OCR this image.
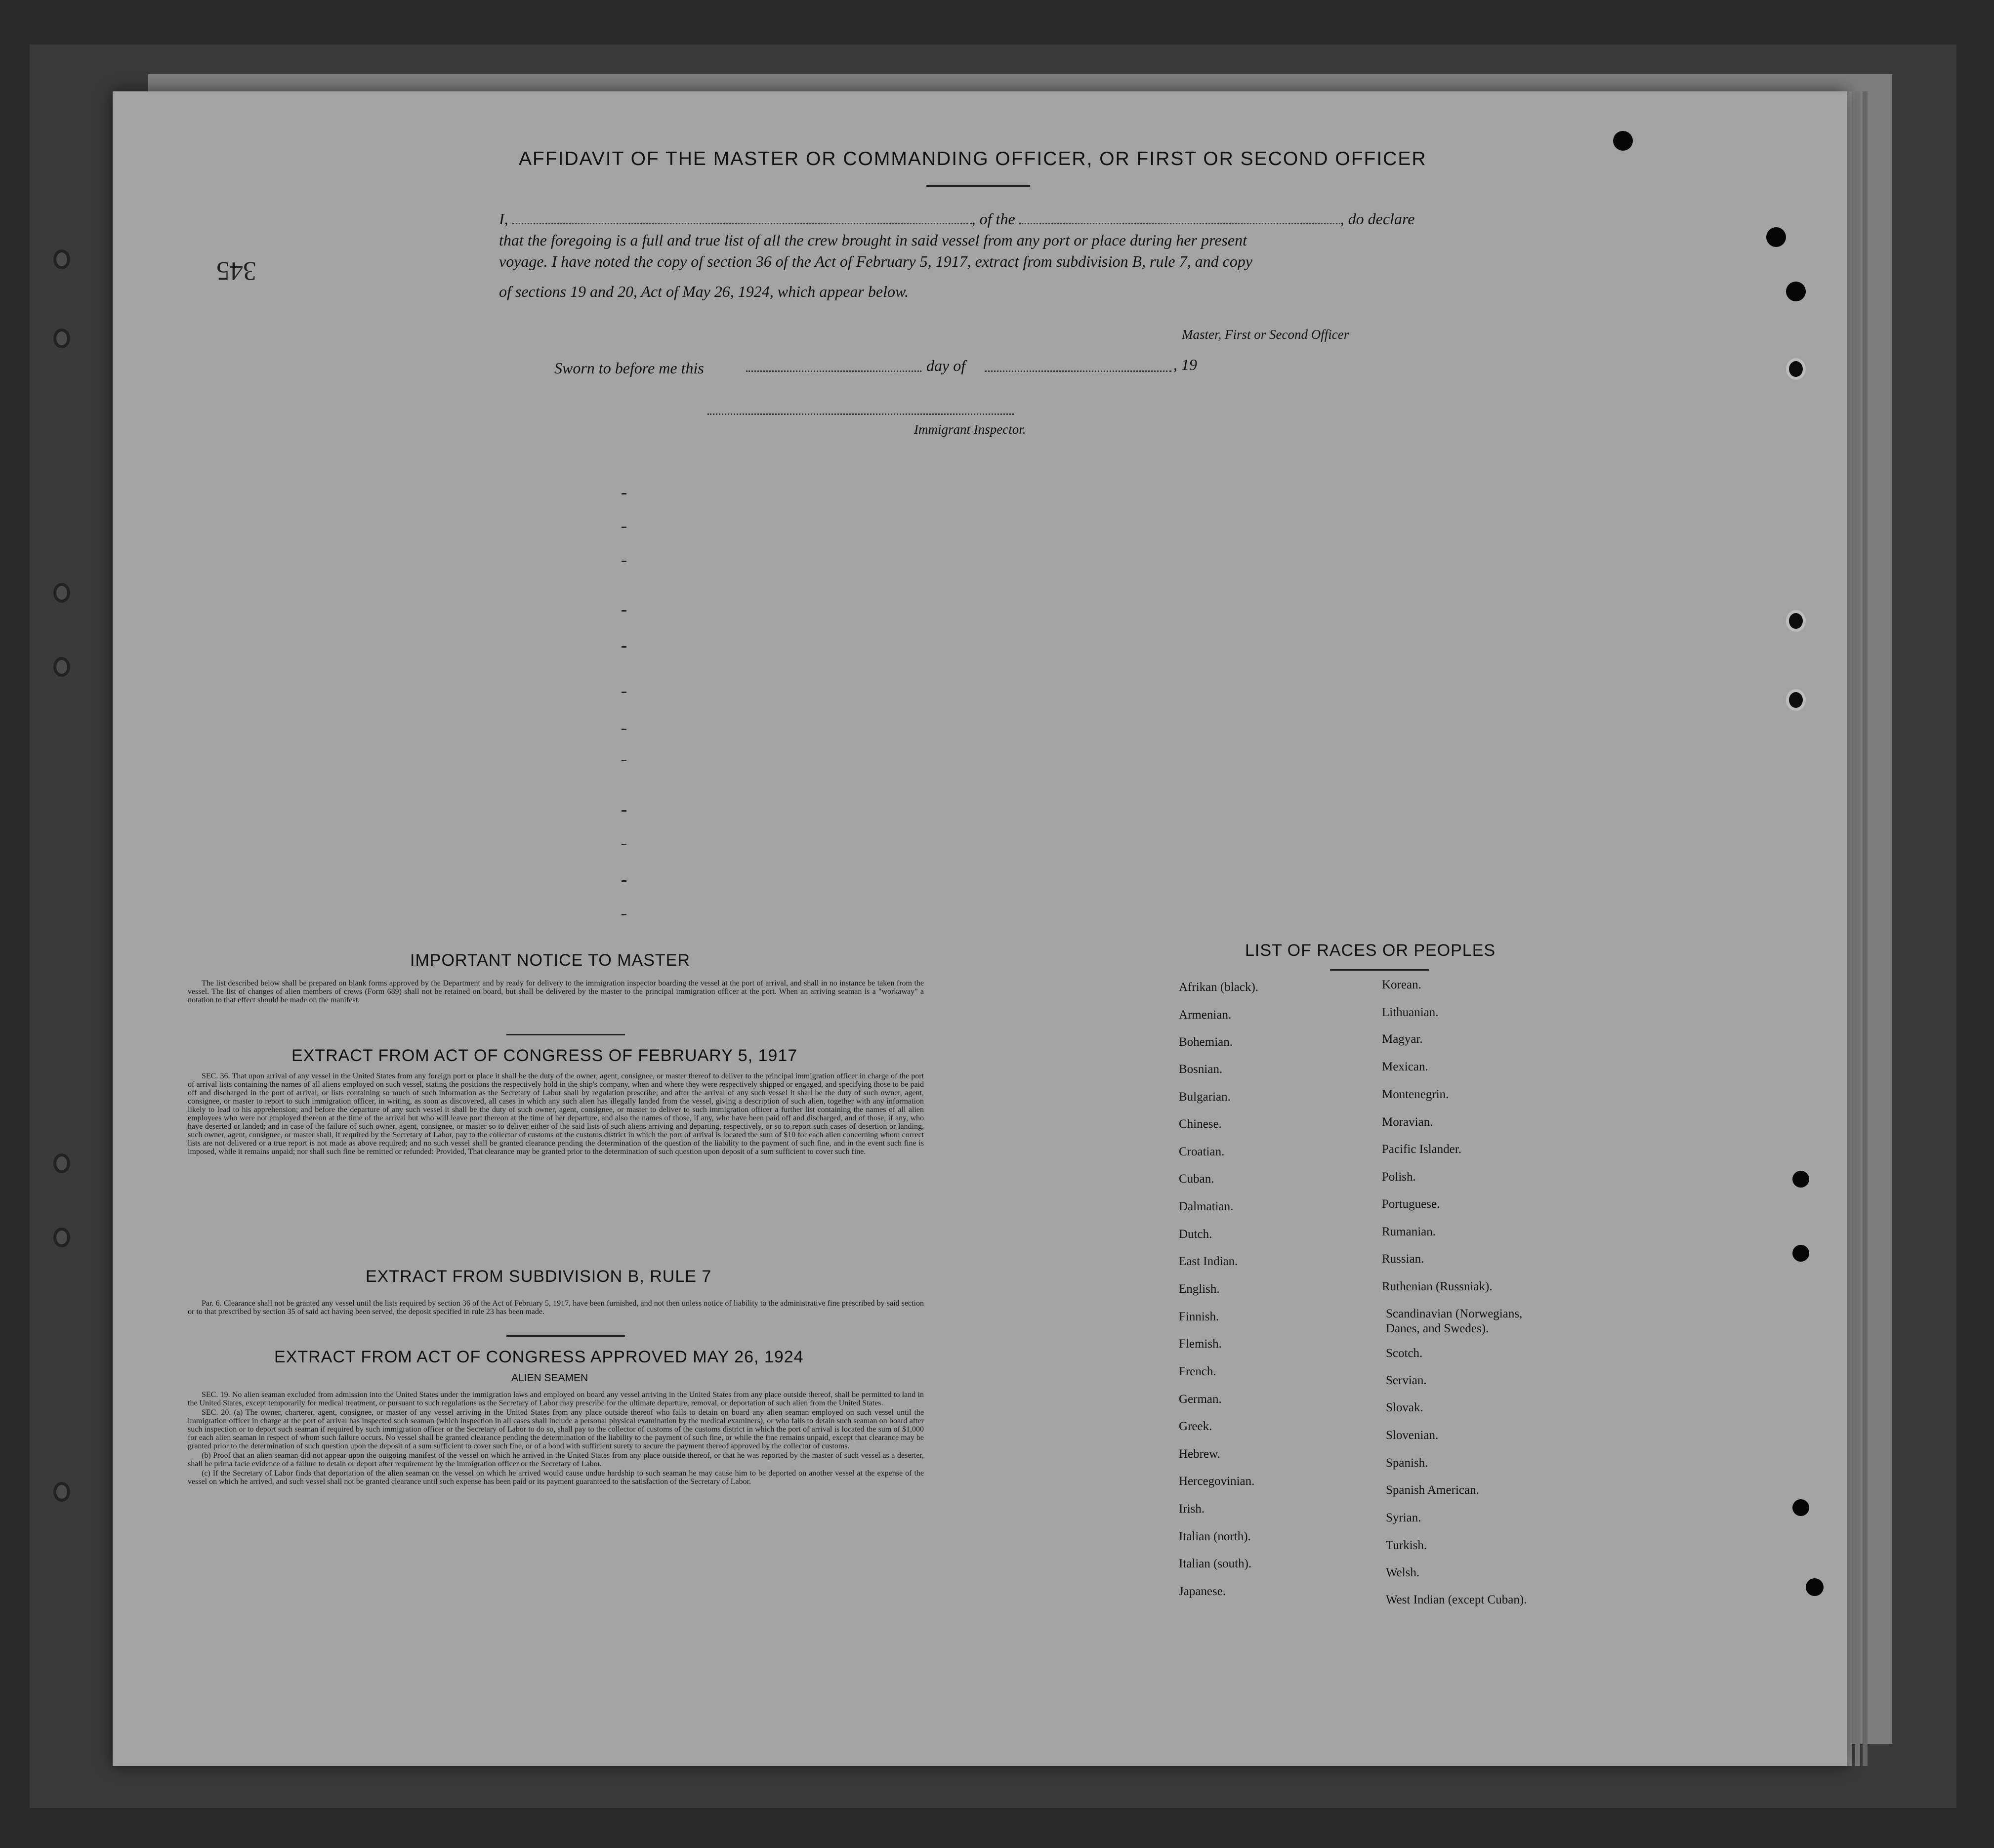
345
AFFIDAVIT OF THE MASTER OR COMMANDING OFFICER, OR FIRST OR SECOND OFFICER
I,	, of the	, do declare
that the foregoing is a full and true list of all the crew brought in said vessel from any port or place during her present
voyage. I have noted the copy of section 36 of the Act of February 5, 1917, extract from subdivision B, rule 7, and copy
of sections 19 and 20, Act of May 26, 1924, which appear below.
Master, First or Second Officer
Sworn to before me this	day of	, 19
Immigrant Inspector.
IMPORTANT NOTICE TO MASTER

The list described below shall be prepared on blank forms approved by the Department and by ready for delivery to the immigration inspector boarding the vessel at the port of arrival, and shall in no instance be taken from the vessel. The list of changes of alien members of crews (Form 689) shall not be retained on board, but shall be delivered by the master to the principal immigration officer at the port. When an arriving seaman is a "workaway" a notation to that effect should be made on the manifest.

EXTRACT FROM ACT OF CONGRESS OF FEBRUARY 5, 1917

SEC. 36. That upon arrival of any vessel in the United States from any foreign port or place it shall be the duty of the owner, agent, consignee, or master thereof to deliver to the principal immigration officer in charge of the port of arrival lists containing the names of all aliens employed on such vessel, stating the positions the respectively hold in the ship's company, when and where they were respectively shipped or engaged, and specifying those to be paid off and discharged in the port of arrival; or lists containing so much of such information as the Secretary of Labor shall by regulation prescribe; and after the arrival of any such vessel it shall be the duty of such owner, agent, consignee, or master to report to such immigration officer, in writing, as soon as discovered, all cases in which any such alien has illegally landed from the vessel, giving a description of such alien, together with any information likely to lead to his apprehension; and before the departure of any such vessel it shall be the duty of such owner, agent, consignee, or master to deliver to such immigration officer a further list containing the names of all alien employees who were not employed thereon at the time of the arrival but who will leave port thereon at the time of her departure, and also the names of those, if any, who have been paid off and discharged, and of those, if any, who have deserted or landed; and in case of the failure of such owner, agent, consignee, or master so to deliver either of the said lists of such aliens arriving and departing, respectively, or so to report such cases of desertion or landing, such owner, agent, consignee, or master shall, if required by the Secretary of Labor, pay to the collector of customs of the customs district in which the port of arrival is located the sum of $10 for each alien concerning whom correct lists are not delivered or a true report is not made as above required; and no such vessel shall be granted clearance pending the determination of the question of the liability to the payment of such fine, and in the event such fine is imposed, while it remains unpaid; nor shall such fine be remitted or refunded: Provided, That clearance may be granted prior to the determination of such question upon deposit of a sum sufficient to cover such fine.

EXTRACT FROM SUBDIVISION B, RULE 7

Par. 6. Clearance shall not be granted any vessel until the lists required by section 36 of the Act of February 5, 1917, have been furnished, and not then unless notice of liability to the administrative fine prescribed by said section or to that prescribed by section 35 of said act having been served, the deposit specified in rule 23 has been made.

EXTRACT FROM ACT OF CONGRESS APPROVED MAY 26, 1924
ALIEN SEAMEN

SEC. 19. No alien seaman excluded from admission into the United States under the immigration laws and employed on board any vessel arriving in the United States from any place outside thereof, shall be permitted to land in the United States, except temporarily for medical treatment, or pursuant to such regulations as the Secretary of Labor may prescribe for the ultimate departure, removal, or deportation of such alien from the United States.

SEC. 20. (a) The owner, charterer, agent, consignee, or master of any vessel arriving in the United States from any place outside thereof who fails to detain on board any alien seaman employed on such vessel until the immigration officer in charge at the port of arrival has inspected such seaman (which inspection in all cases shall include a personal physical examination by the medical examiners), or who fails to detain such seaman on board after such inspection or to deport such seaman if required by such immigration officer or the Secretary of Labor to do so, shall pay to the collector of customs of the customs district in which the port of arrival is located the sum of $1,000 for each alien seaman in respect of whom such failure occurs. No vessel shall be granted clearance pending the determination of the liability to the payment of such fine, or while the fine remains unpaid, except that clearance may be granted prior to the determination of such question upon the deposit of a sum sufficient to cover such fine, or of a bond with sufficient surety to secure the payment thereof approved by the collector of customs.

(b) Proof that an alien seaman did not appear upon the outgoing manifest of the vessel on which he arrived in the United States from any place outside thereof, or that he was reported by the master of such vessel as a deserter, shall be prima facie evidence of a failure to detain or deport after requirement by the immigration officer or the Secretary of Labor.

(c) If the Secretary of Labor finds that deportation of the alien seaman on the vessel on which he arrived would cause undue hardship to such seaman he may cause him to be deported on another vessel at the expense of the vessel on which he arrived, and such vessel shall not be granted clearance until such expense has been paid or its payment guaranteed to the satisfaction of the Secretary of Labor.

LIST OF RACES OR PEOPLES
Afrikan (black).
Armenian.
Bohemian.
Bosnian.
Bulgarian.
Chinese.
Croatian.
Cuban.
Dalmatian.
Dutch.
East Indian.
English.
Finnish.
Flemish.
French.
German.
Greek.
Hebrew.
Hercegovinian.
Irish.
Italian (north).
Italian (south).
Japanese.
Korean.
Lithuanian.
Magyar.
Mexican.
Montenegrin.
Moravian.
Pacific Islander.
Polish.
Portuguese.
Rumanian.
Russian.
Ruthenian (Russniak).
Scandinavian (Norwegians, Danes, and Swedes).
Scotch.
Servian.
Slovak.
Slovenian.
Spanish.
Spanish American.
Syrian.
Turkish.
Welsh.
West Indian (except Cuban).
